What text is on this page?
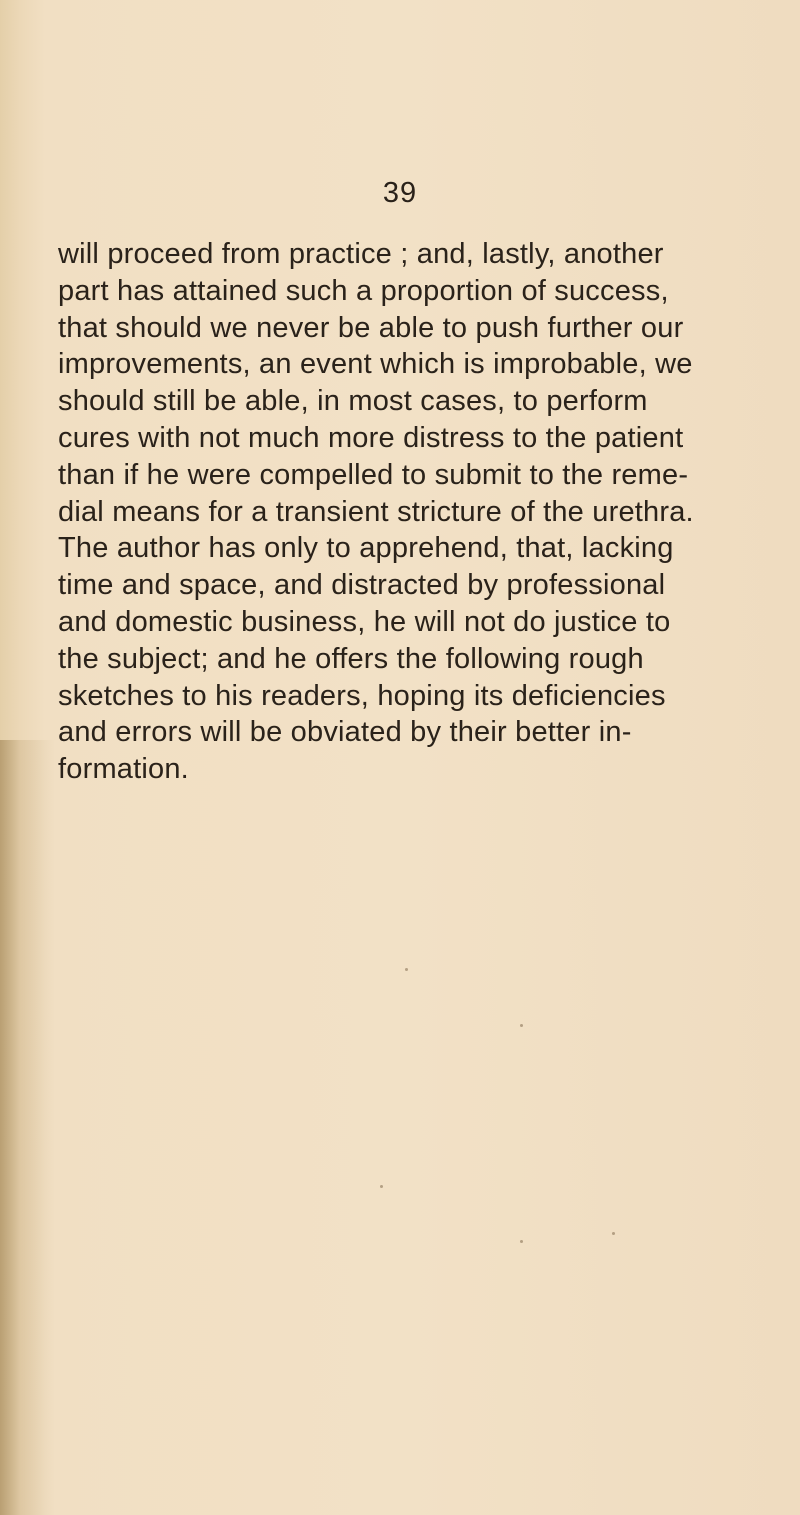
39
will proceed from practice ; and, lastly, another
part has attained such a proportion of success,
that should we never be able to push further our
improvements, an event which is improbable, we
should still be able, in most cases, to perform
cures with not much more distress to the patient
than if he were compelled to submit to the reme-
dial means for a transient stricture of the urethra.
The author has only to apprehend, that, lacking
time and space, and distracted by professional
and domestic business, he will not do justice to
the subject; and he offers the following rough
sketches to his readers, hoping its deficiencies
and errors will be obviated by their better in-
formation.
